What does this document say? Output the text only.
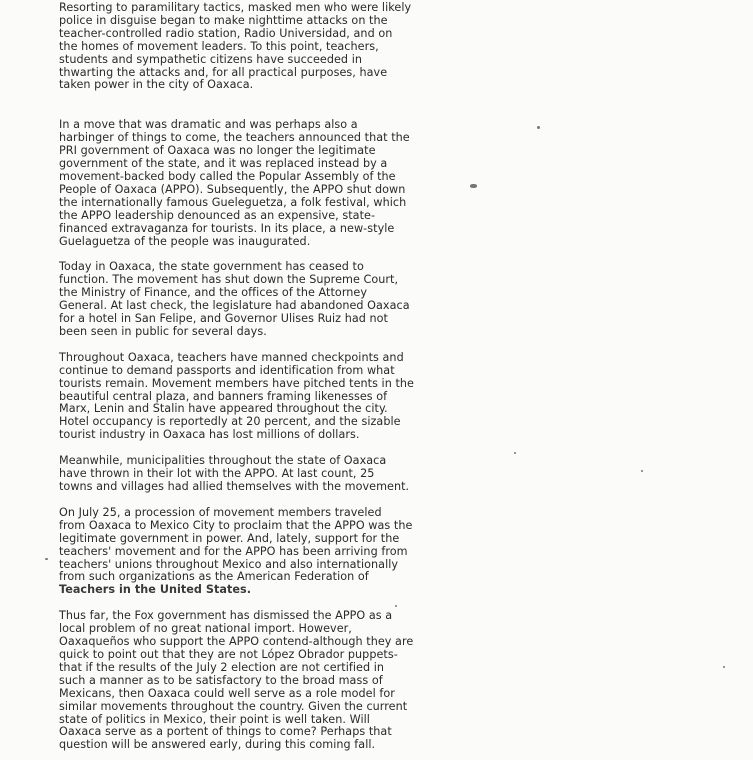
Resorting to paramilitary tactics, masked men who were likely
police in disguise began to make nighttime attacks on the
teacher-controlled radio station, Radio Universidad, and on
the homes of movement leaders. To this point, teachers,
students and sympathetic citizens have succeeded in
thwarting the attacks and, for all practical purposes, have
taken power in the city of Oaxaca.

In a move that was dramatic and was perhaps also a
harbinger of things to come, the teachers announced that the
PRI government of Oaxaca was no longer the legitimate
government of the state, and it was replaced instead by a
movement-backed body called the Popular Assembly of the
People of Oaxaca (APPO). Subsequently, the APPO shut down
the internationally famous Gueleguetza, a folk festival, which
the APPO leadership denounced as an expensive, state-
financed extravaganza for tourists. In its place, a new-style
Guelaguetza of the people was inaugurated.

Today in Oaxaca, the state government has ceased to
function. The movement has shut down the Supreme Court,
the Ministry of Finance, and the offices of the Attorney
General. At last check, the legislature had abandoned Oaxaca
for a hotel in San Felipe, and Governor Ulises Ruiz had not
been seen in public for several days.

Throughout Oaxaca, teachers have manned checkpoints and
continue to demand passports and identification from what
tourists remain. Movement members have pitched tents in the
beautiful central plaza, and banners framing likenesses of
Marx, Lenin and Stalin have appeared throughout the city.
Hotel occupancy is reportedly at 20 percent, and the sizable
tourist industry in Oaxaca has lost millions of dollars.

Meanwhile, municipalities throughout the state of Oaxaca
have thrown in their lot with the APPO. At last count, 25
towns and villages had allied themselves with the movement.

On July 25, a procession of movement members traveled
from Oaxaca to Mexico City to proclaim that the APPO was the
legitimate government in power. And, lately, support for the
teachers' movement and for the APPO has been arriving from
teachers' unions throughout Mexico and also internationally
from such organizations as the American Federation of
Teachers in the United States.

Thus far, the Fox government has dismissed the APPO as a
local problem of no great national import. However,
Oaxaqueños who support the APPO contend-although they are
quick to point out that they are not López Obrador puppets-
that if the results of the July 2 election are not certified in
such a manner as to be satisfactory to the broad mass of
Mexicans, then Oaxaca could well serve as a role model for
similar movements throughout the country. Given the current
state of politics in Mexico, their point is well taken. Will
Oaxaca serve as a portent of things to come? Perhaps that
question will be answered early, during this coming fall.
